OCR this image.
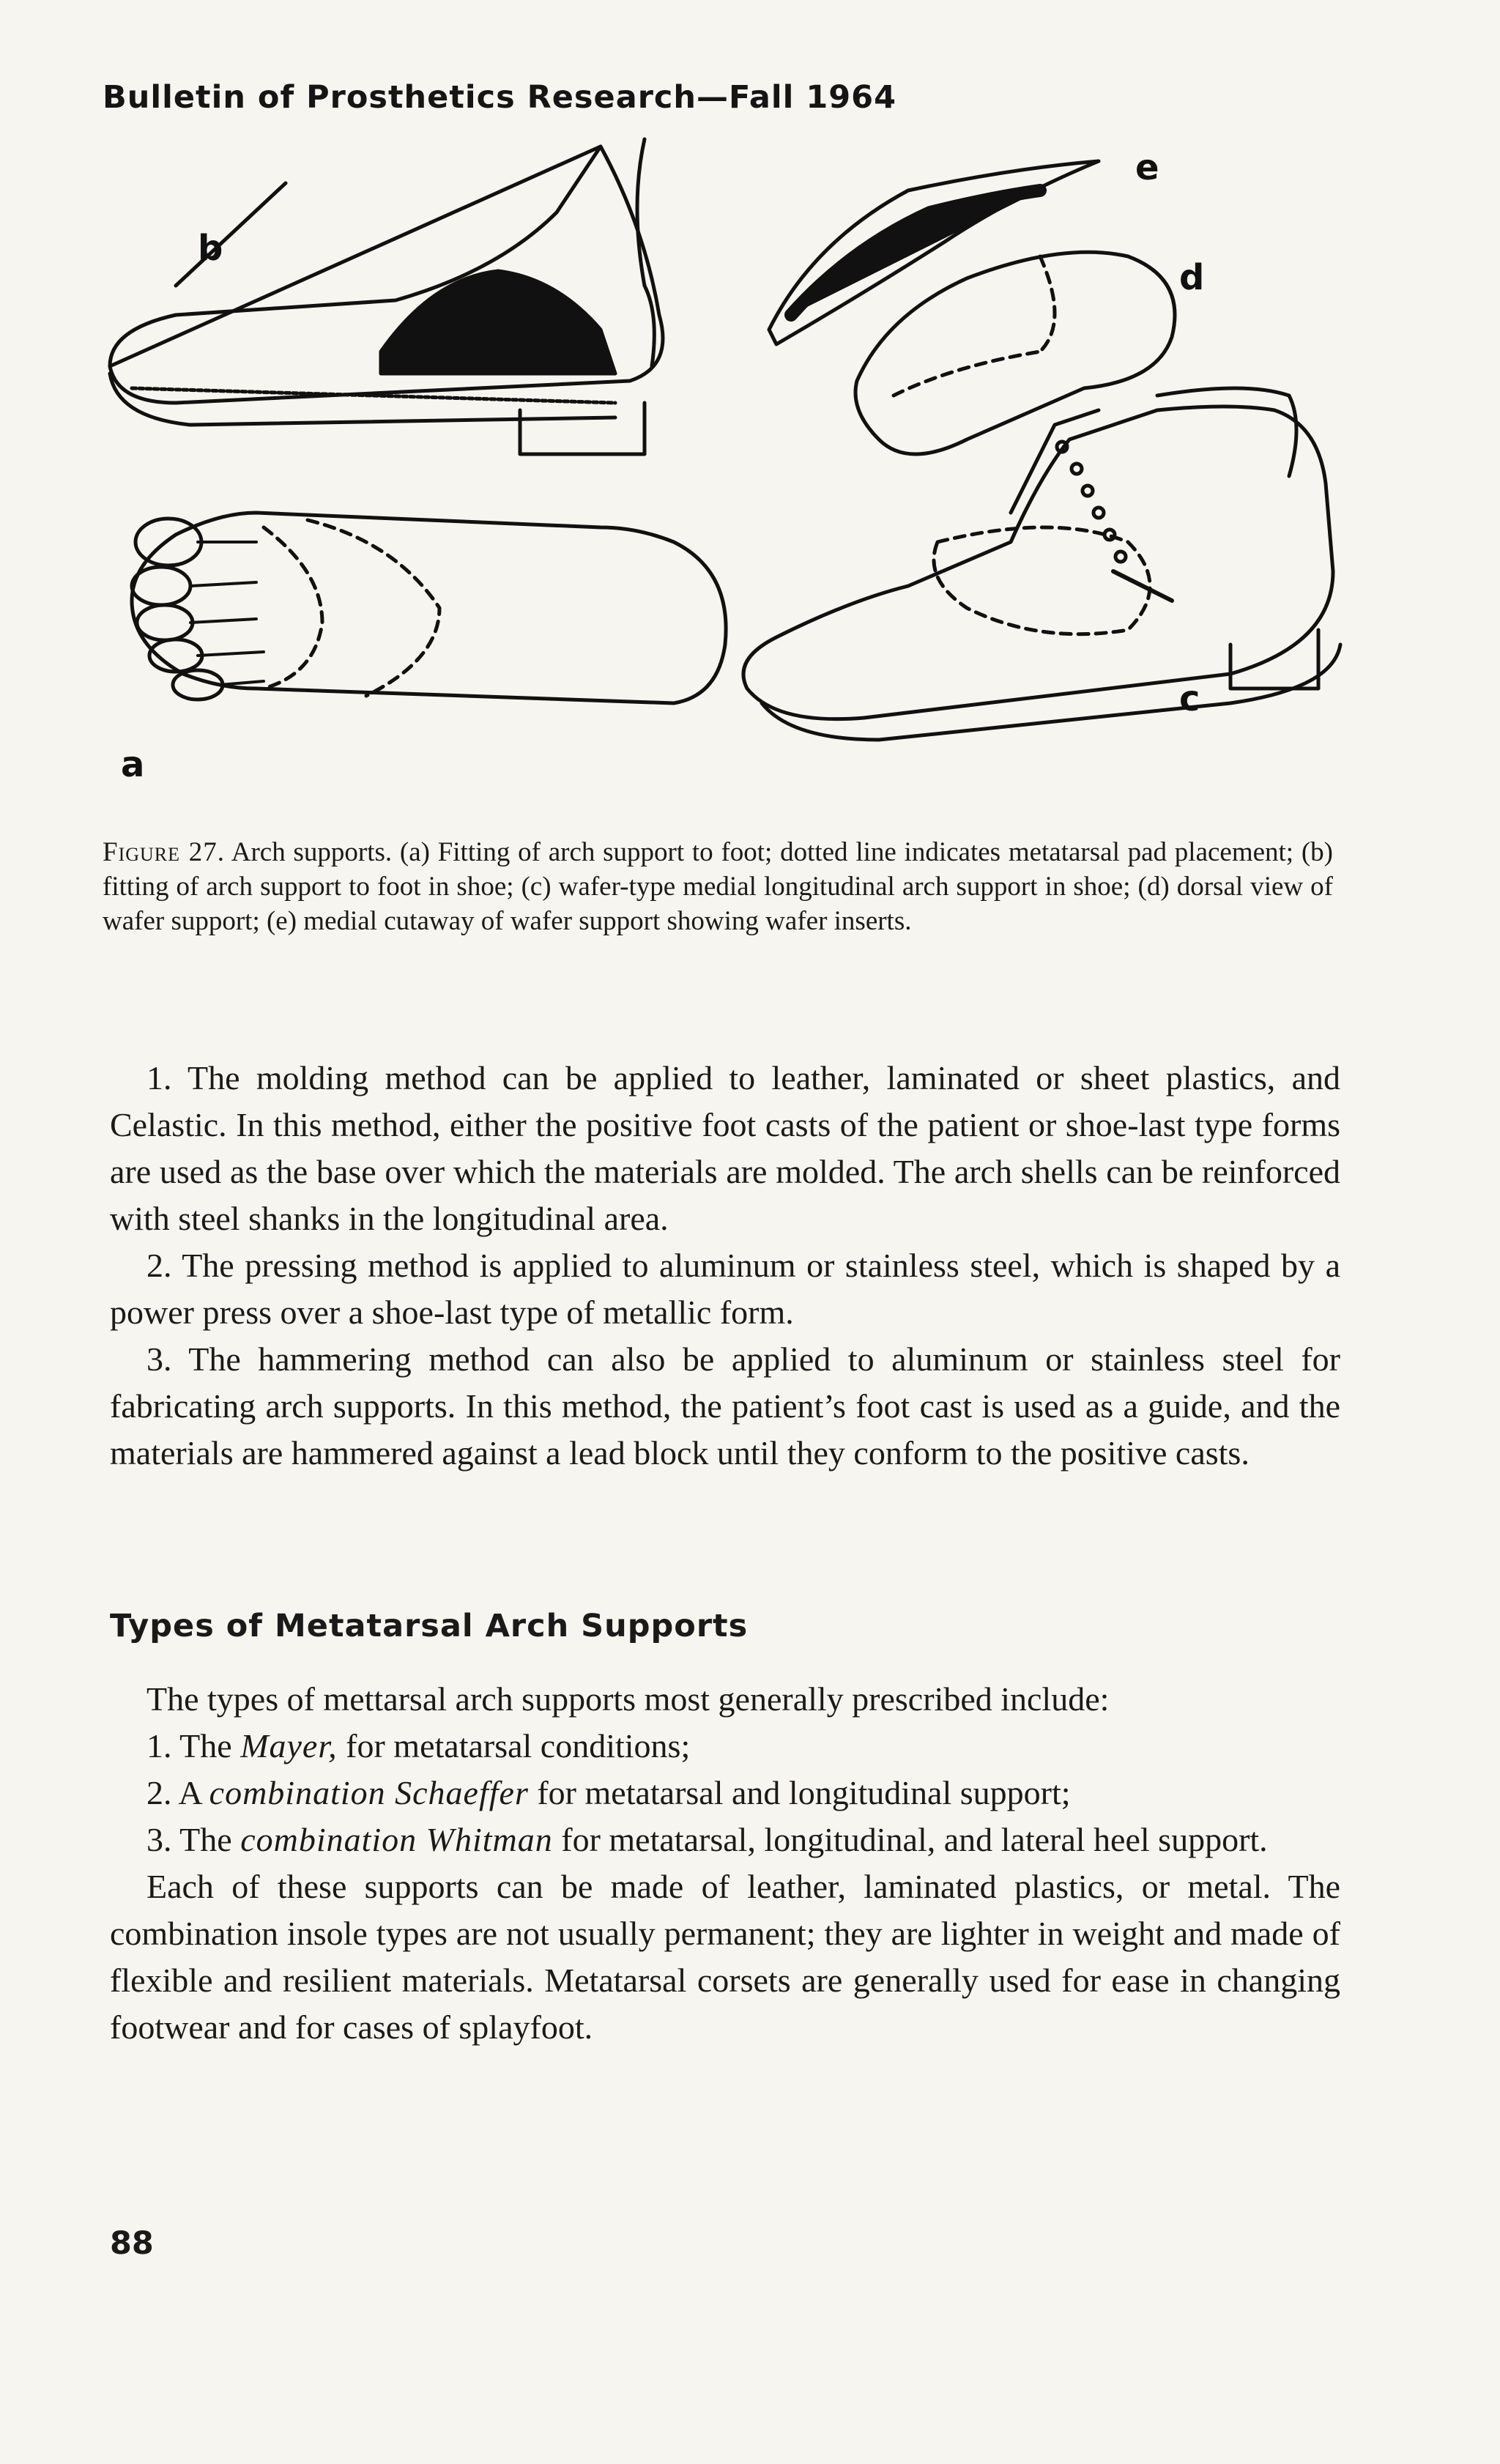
Bulletin of Prosthetics Research—Fall 1964
b
a
e
d
c
Figure 27. Arch supports. (a) Fitting of arch support to foot; dotted line indicates metatarsal pad placement; (b) fitting of arch support to foot in shoe; (c) wafer-type medial longitudinal arch support in shoe; (d) dorsal view of wafer support; (e) medial cutaway of wafer support showing wafer inserts.

1. The molding method can be applied to leather, laminated or sheet plastics, and Celastic. In this method, either the positive foot casts of the patient or shoe-last type forms are used as the base over which the materials are molded. The arch shells can be reinforced with steel shanks in the longitudinal area.

2. The pressing method is applied to aluminum or stainless steel, which is shaped by a power press over a shoe-last type of metallic form.

3. The hammering method can also be applied to aluminum or stainless steel for fabricating arch supports. In this method, the patient’s foot cast is used as a guide, and the materials are hammered against a lead block until they conform to the positive casts.

Types of Metatarsal Arch Supports

The types of mettarsal arch supports most generally prescribed include:

1. The Mayer, for metatarsal conditions;

2. A combination Schaeffer for metatarsal and longitudinal support;

3. The combination Whitman for metatarsal, longitudinal, and lateral heel support.

Each of these supports can be made of leather, laminated plastics, or metal. The combination insole types are not usually permanent; they are lighter in weight and made of flexible and resilient materials. Metatarsal corsets are generally used for ease in changing footwear and for cases of splayfoot.

88
